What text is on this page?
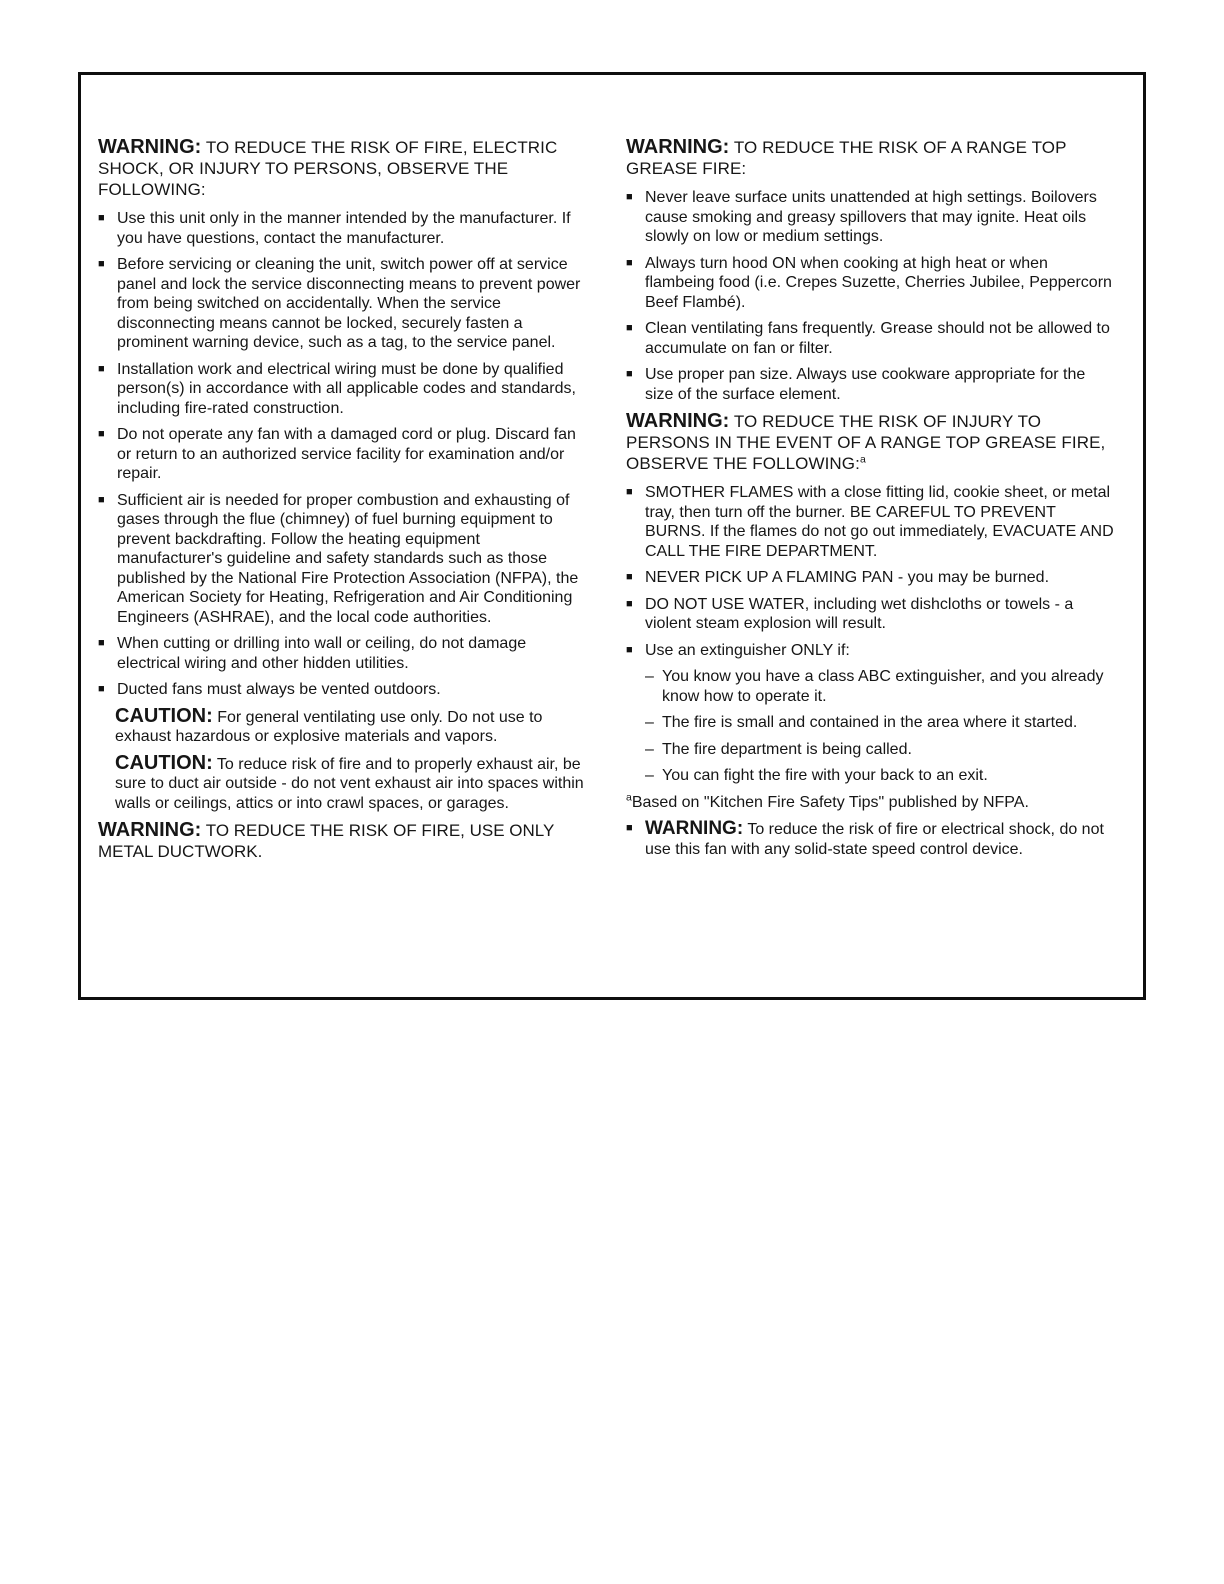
WARNING: TO REDUCE THE RISK OF FIRE, ELECTRIC SHOCK, OR INJURY TO PERSONS, OBSERVE THE FOLLOWING:

■ Use this unit only in the manner intended by the manufacturer. If you have questions, contact the manufacturer.
■ Before servicing or cleaning the unit, switch power off at service panel and lock the service disconnecting means to prevent power from being switched on accidentally. When the service disconnecting means cannot be locked, securely fasten a prominent warning device, such as a tag, to the service panel.
■ Installation work and electrical wiring must be done by qualified person(s) in accordance with all applicable codes and standards, including fire-rated construction.
■ Do not operate any fan with a damaged cord or plug. Discard fan or return to an authorized service facility for examination and/or repair.
■ Sufficient air is needed for proper combustion and exhausting of gases through the flue (chimney) of fuel burning equipment to prevent backdrafting. Follow the heating equipment manufacturer's guideline and safety standards such as those published by the National Fire Protection Association (NFPA), the American Society for Heating, Refrigeration and Air Conditioning Engineers (ASHRAE), and the local code authorities.
■ When cutting or drilling into wall or ceiling, do not damage electrical wiring and other hidden utilities.
■ Ducted fans must always be vented outdoors.

CAUTION: For general ventilating use only. Do not use to exhaust hazardous or explosive materials and vapors.

CAUTION: To reduce risk of fire and to properly exhaust air, be sure to duct air outside - do not vent exhaust air into spaces within walls or ceilings, attics or into crawl spaces, or garages.

WARNING: TO REDUCE THE RISK OF FIRE, USE ONLY METAL DUCTWORK.

WARNING: TO REDUCE THE RISK OF A RANGE TOP GREASE FIRE:

■ Never leave surface units unattended at high settings. Boilovers cause smoking and greasy spillovers that may ignite. Heat oils slowly on low or medium settings.
■ Always turn hood ON when cooking at high heat or when flambeing food (i.e. Crepes Suzette, Cherries Jubilee, Peppercorn Beef Flambé).
■ Clean ventilating fans frequently. Grease should not be allowed to accumulate on fan or filter.
■ Use proper pan size. Always use cookware appropriate for the size of the surface element.

WARNING: TO REDUCE THE RISK OF INJURY TO PERSONS IN THE EVENT OF A RANGE TOP GREASE FIRE, OBSERVE THE FOLLOWING:$^a$

■ SMOTHER FLAMES with a close fitting lid, cookie sheet, or metal tray, then turn off the burner. BE CAREFUL TO PREVENT BURNS. If the flames do not go out immediately, EVACUATE AND CALL THE FIRE DEPARTMENT.
■ NEVER PICK UP A FLAMING PAN - you may be burned.
■ DO NOT USE WATER, including wet dishcloths or towels - a violent steam explosion will result.
■ Use an extinguisher ONLY if:
– You know you have a class ABC extinguisher, and you already know how to operate it.
– The fire is small and contained in the area where it started.
– The fire department is being called.
– You can fight the fire with your back to an exit.

$^a$Based on "Kitchen Fire Safety Tips" published by NFPA.

■ WARNING: To reduce the risk of fire or electrical shock, do not use this fan with any solid-state speed control device.
